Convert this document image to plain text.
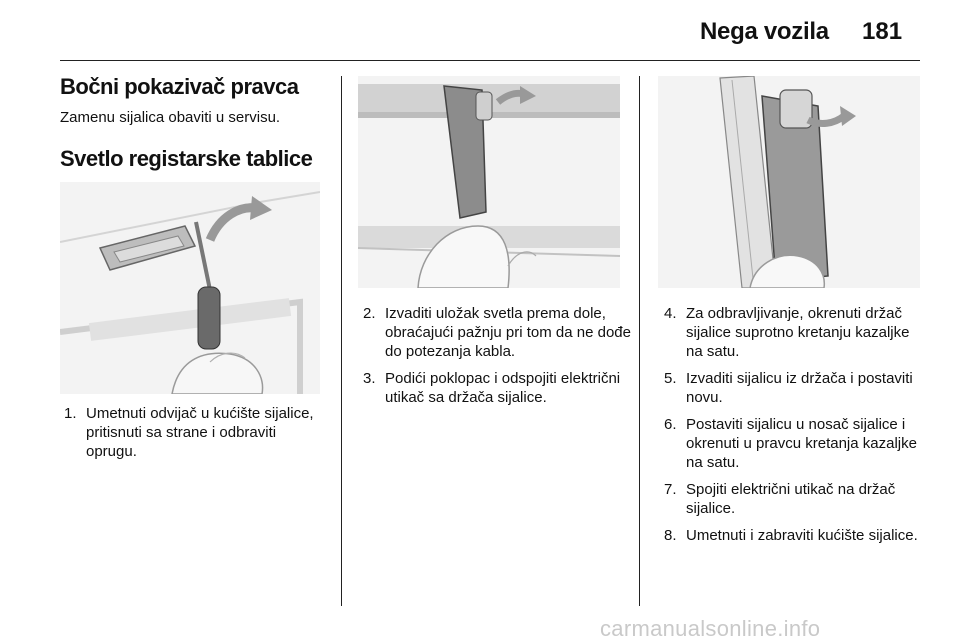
Nega vozila 181
Bočni pokazivač pravca
Zamenu sijalica obaviti u servisu.
Svetlo registarske tablice
1. Umetnuti odvijač u kućište sijalice, pritisnuti sa strane i odbraviti oprugu.
2. Izvaditi uložak svetla prema dole, obraćajući pažnju pri tom da ne dođe do potezanja kabla.
3. Podići poklopac i odspojiti električni utikač sa držača sijalice.
4. Za odbravljivanje, okrenuti držač sijalice suprotno kretanju kazaljke na satu.
5. Izvaditi sijalicu iz držača i postaviti novu.
6. Postaviti sijalicu u nosač sijalice i okrenuti u pravcu kretanja kazaljke na satu.
7. Spojiti električni utikač na držač sijalice.
8. Umetnuti i zabraviti kućište sijalice.
carmanualsonline.info
